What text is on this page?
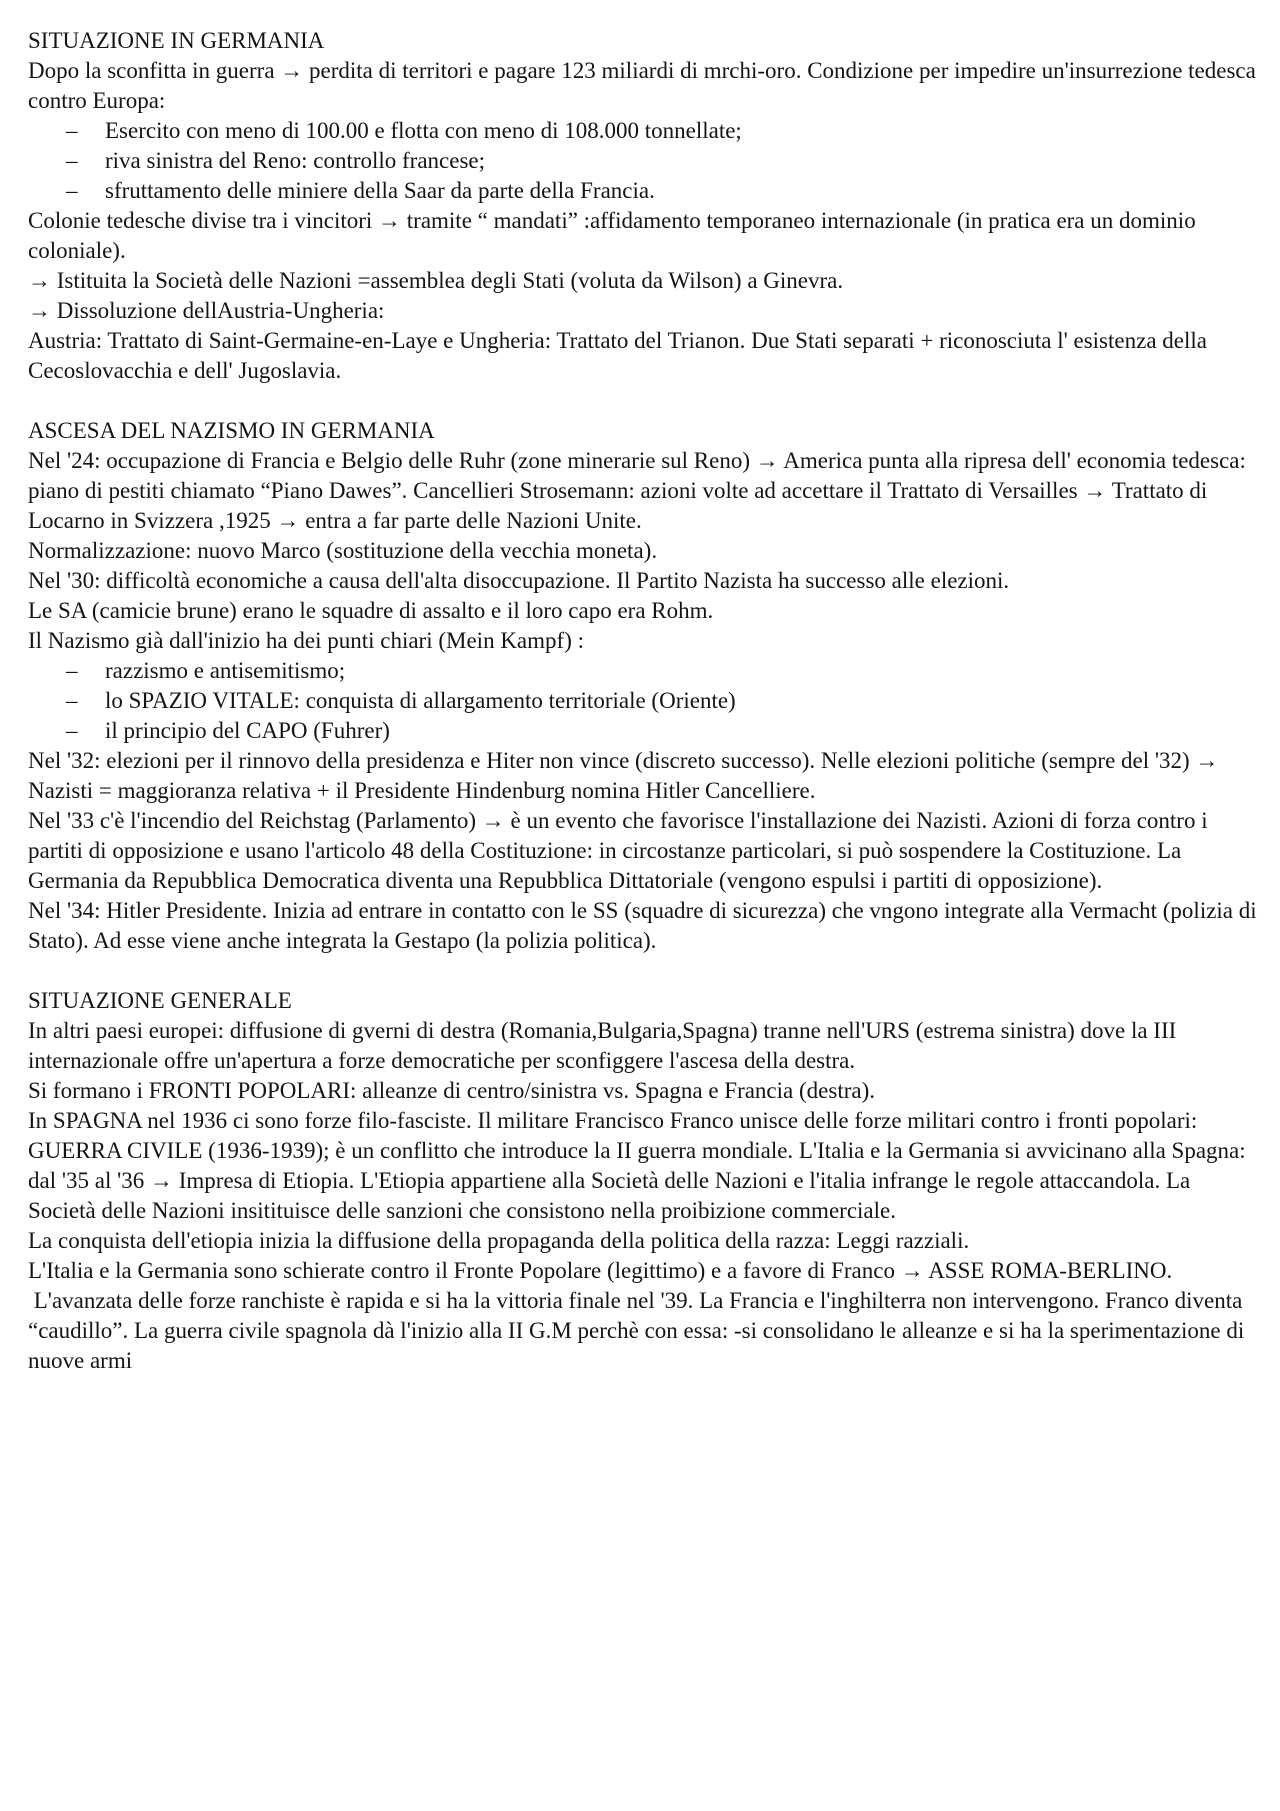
SITUAZIONE IN GERMANIA

Dopo la sconfitta in guerra → perdita di territori e pagare 123 miliardi di mrchi-oro. Condizione per impedire un'insurrezione tedesca contro Europa:

– Esercito con meno di 100.00 e flotta con meno di 108.000 tonnellate;
– riva sinistra del Reno: controllo francese;
– sfruttamento delle miniere della Saar da parte della Francia.

Colonie tedesche divise tra i vincitori → tramite “ mandati” :affidamento temporaneo internazionale (in pratica era un dominio coloniale).

→ Istituita la Società delle Nazioni =assemblea degli Stati (voluta da Wilson) a Ginevra.

→ Dissoluzione dellAustria-Ungheria:

Austria: Trattato di Saint-Germaine-en-Laye e Ungheria: Trattato del Trianon. Due Stati separati + riconosciuta l' esistenza della Cecoslovacchia e dell' Jugoslavia.

ASCESA DEL NAZISMO IN GERMANIA

Nel '24: occupazione di Francia e Belgio delle Ruhr (zone minerarie sul Reno) → America punta alla ripresa dell' economia tedesca: piano di pestiti chiamato “Piano Dawes”. Cancellieri Strosemann: azioni volte ad accettare il Trattato di Versailles → Trattato di Locarno in Svizzera ,1925 → entra a far parte delle Nazioni Unite.

Normalizzazione: nuovo Marco (sostituzione della vecchia moneta).

Nel '30: difficoltà economiche a causa dell'alta disoccupazione. Il Partito Nazista ha successo alle elezioni.

Le SA (camicie brune) erano le squadre di assalto e il loro capo era Rohm.

Il Nazismo già dall'inizio ha dei punti chiari (Mein Kampf) :

– razzismo e antisemitismo;
– lo SPAZIO VITALE: conquista di allargamento territoriale (Oriente)
– il principio del CAPO (Fuhrer)

Nel '32: elezioni per il rinnovo della presidenza e Hiter non vince (discreto successo). Nelle elezioni politiche (sempre del '32) → Nazisti = maggioranza relativa + il Presidente Hindenburg nomina Hitler Cancelliere.

Nel '33 c'è l'incendio del Reichstag (Parlamento) → è un evento che favorisce l'installazione dei Nazisti. Azioni di forza contro i partiti di opposizione e usano l'articolo 48 della Costituzione: in circostanze particolari, si può sospendere la Costituzione. La Germania da Repubblica Democratica diventa una Repubblica Dittatoriale (vengono espulsi i partiti di opposizione).

Nel '34: Hitler Presidente. Inizia ad entrare in contatto con le SS (squadre di sicurezza) che vngono integrate alla Vermacht (polizia di Stato). Ad esse viene anche integrata la Gestapo (la polizia politica).

SITUAZIONE GENERALE

In altri paesi europei: diffusione di gverni di destra (Romania,Bulgaria,Spagna) tranne nell'URS (estrema sinistra) dove la III internazionale offre un'apertura a forze democratiche per sconfiggere l'ascesa della destra.

Si formano i FRONTI POPOLARI: alleanze di centro/sinistra vs. Spagna e Francia (destra).

In SPAGNA nel 1936 ci sono forze filo-fasciste. Il militare Francisco Franco unisce delle forze militari contro i fronti popolari: GUERRA CIVILE (1936-1939); è un conflitto che introduce la II guerra mondiale. L'Italia e la Germania si avvicinano alla Spagna: dal '35 al '36 → Impresa di Etiopia. L'Etiopia appartiene alla Società delle Nazioni e l'italia infrange le regole attaccandola. La Società delle Nazioni insitituisce delle sanzioni che consistono nella proibizione commerciale.

La conquista dell'etiopia inizia la diffusione della propaganda della politica della razza: Leggi razziali.

L'Italia e la Germania sono schierate contro il Fronte Popolare (legittimo) e a favore di Franco → ASSE ROMA-BERLINO.

L'avanzata delle forze ranchiste è rapida e si ha la vittoria finale nel '39. La Francia e l'inghilterra non intervengono. Franco diventa “caudillo”. La guerra civile spagnola dà l'inizio alla II G.M perchè con essa: -si consolidano le alleanze e si ha la sperimentazione di nuove armi
